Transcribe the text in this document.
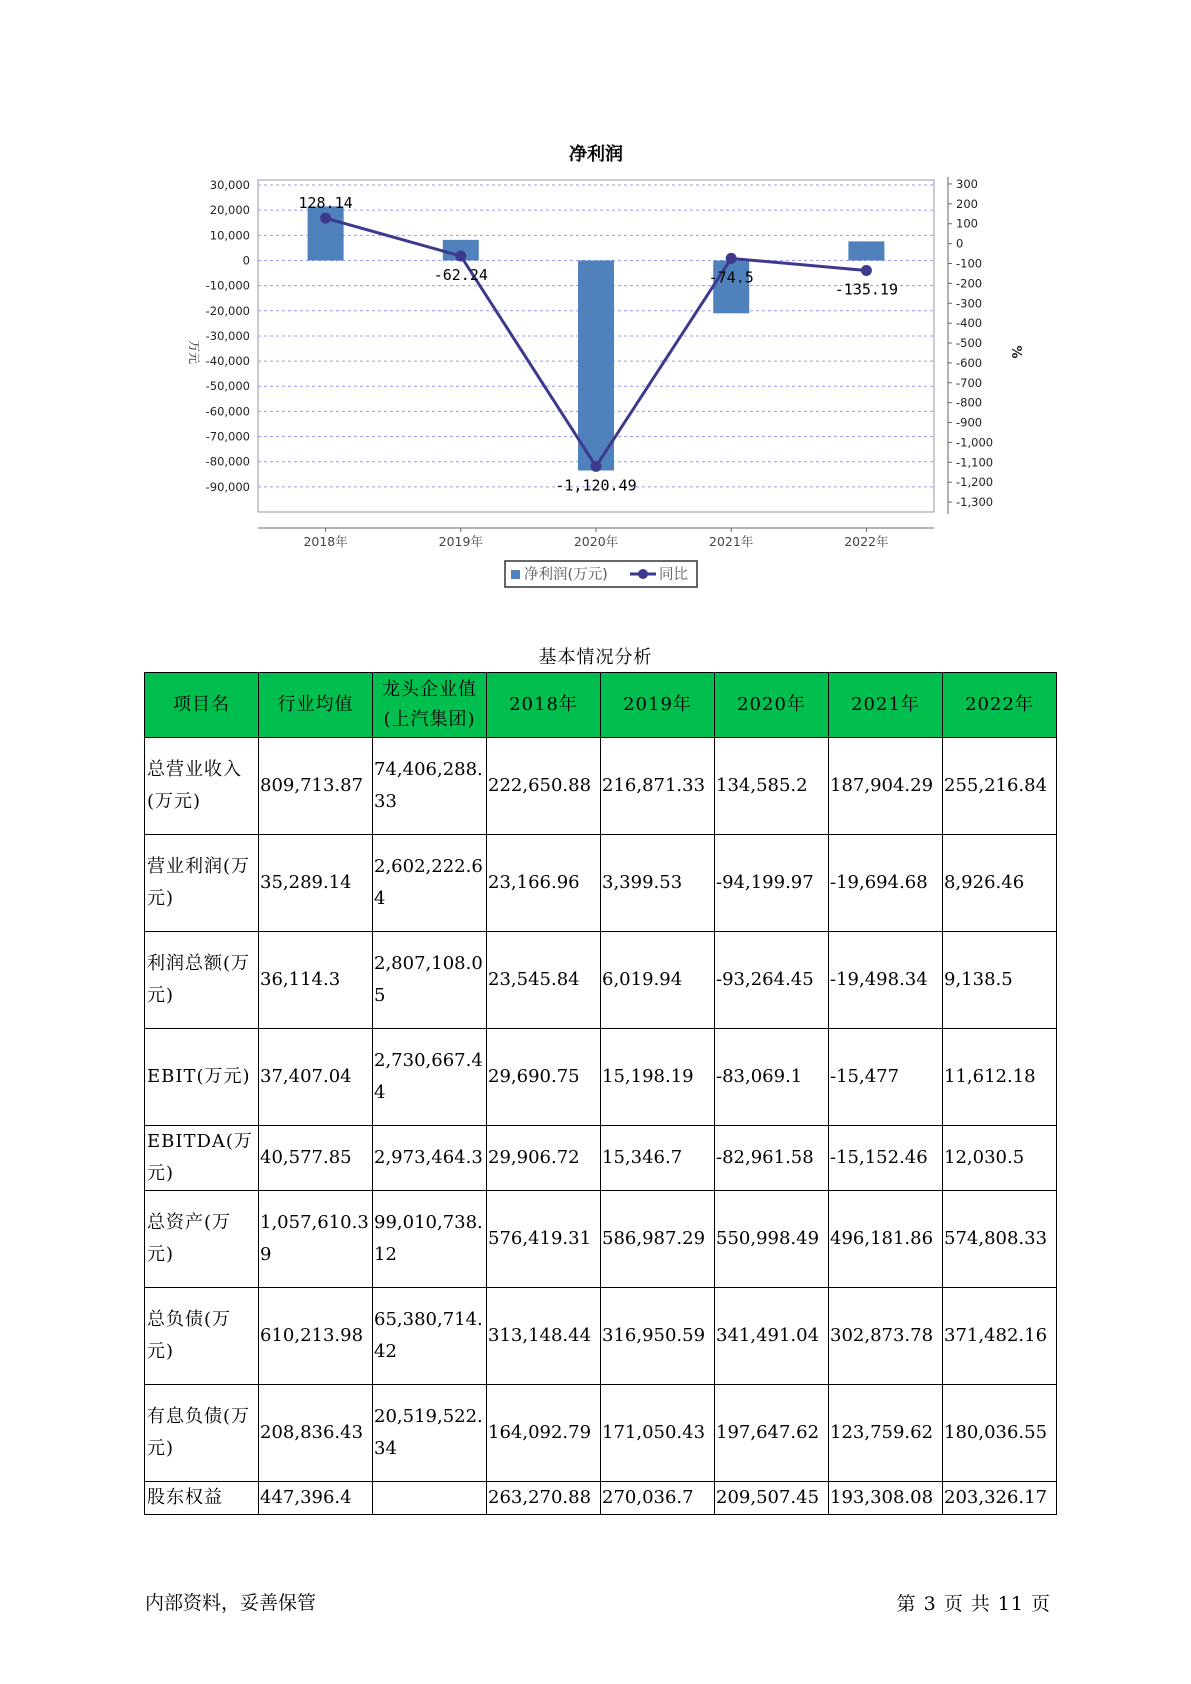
净利润
30,000
20,000
10,000
0
-10,000
-20,000
-30,000
-40,000
-50,000
-60,000
-70,000
-80,000
-90,000
300
200
100
0
-100
-200
-300
-400
-500
-600
-700
-800
-900
-1,000
-1,100
-1,200
-1,300
万元	%
2018年	2019年	2020年	2021年	2022年
128.14
-62.24
-1,120.49
-74.5
-135.19
净利润(万元)	同比
基本情况分析
项目名	行业均值	龙头企业值(上汽集团)	2018年	2019年	2020年	2021年	2022年
总营业收入(万元)	809,713.87	74,406,288.33	222,650.88	216,871.33	134,585.2	187,904.29	255,216.84
营业利润(万元)	35,289.14	2,602,222.64	23,166.96	3,399.53	-94,199.97	-19,694.68	8,926.46
利润总额(万元)	36,114.3	2,807,108.05	23,545.84	6,019.94	-93,264.45	-19,498.34	9,138.5
EBIT(万元)	37,407.04	2,730,667.44	29,690.75	15,198.19	-83,069.1	-15,477	11,612.18
EBITDA(万元)	40,577.85	2,973,464.3	29,906.72	15,346.7	-82,961.58	-15,152.46	12,030.5
总资产(万元)	1,057,610.39	99,010,738.12	576,419.31	586,987.29	550,998.49	496,181.86	574,808.33
总负债(万元)	610,213.98	65,380,714.42	313,148.44	316,950.59	341,491.04	302,873.78	371,482.16
有息负债(万元)	208,836.43	20,519,522.34	164,092.79	171,050.43	197,647.62	123,759.62	180,036.55
股东权益	447,396.4		263,270.88	270,036.7	209,507.45	193,308.08	203,326.17
内部资料，妥善保管	第 3 页 共 11 页
